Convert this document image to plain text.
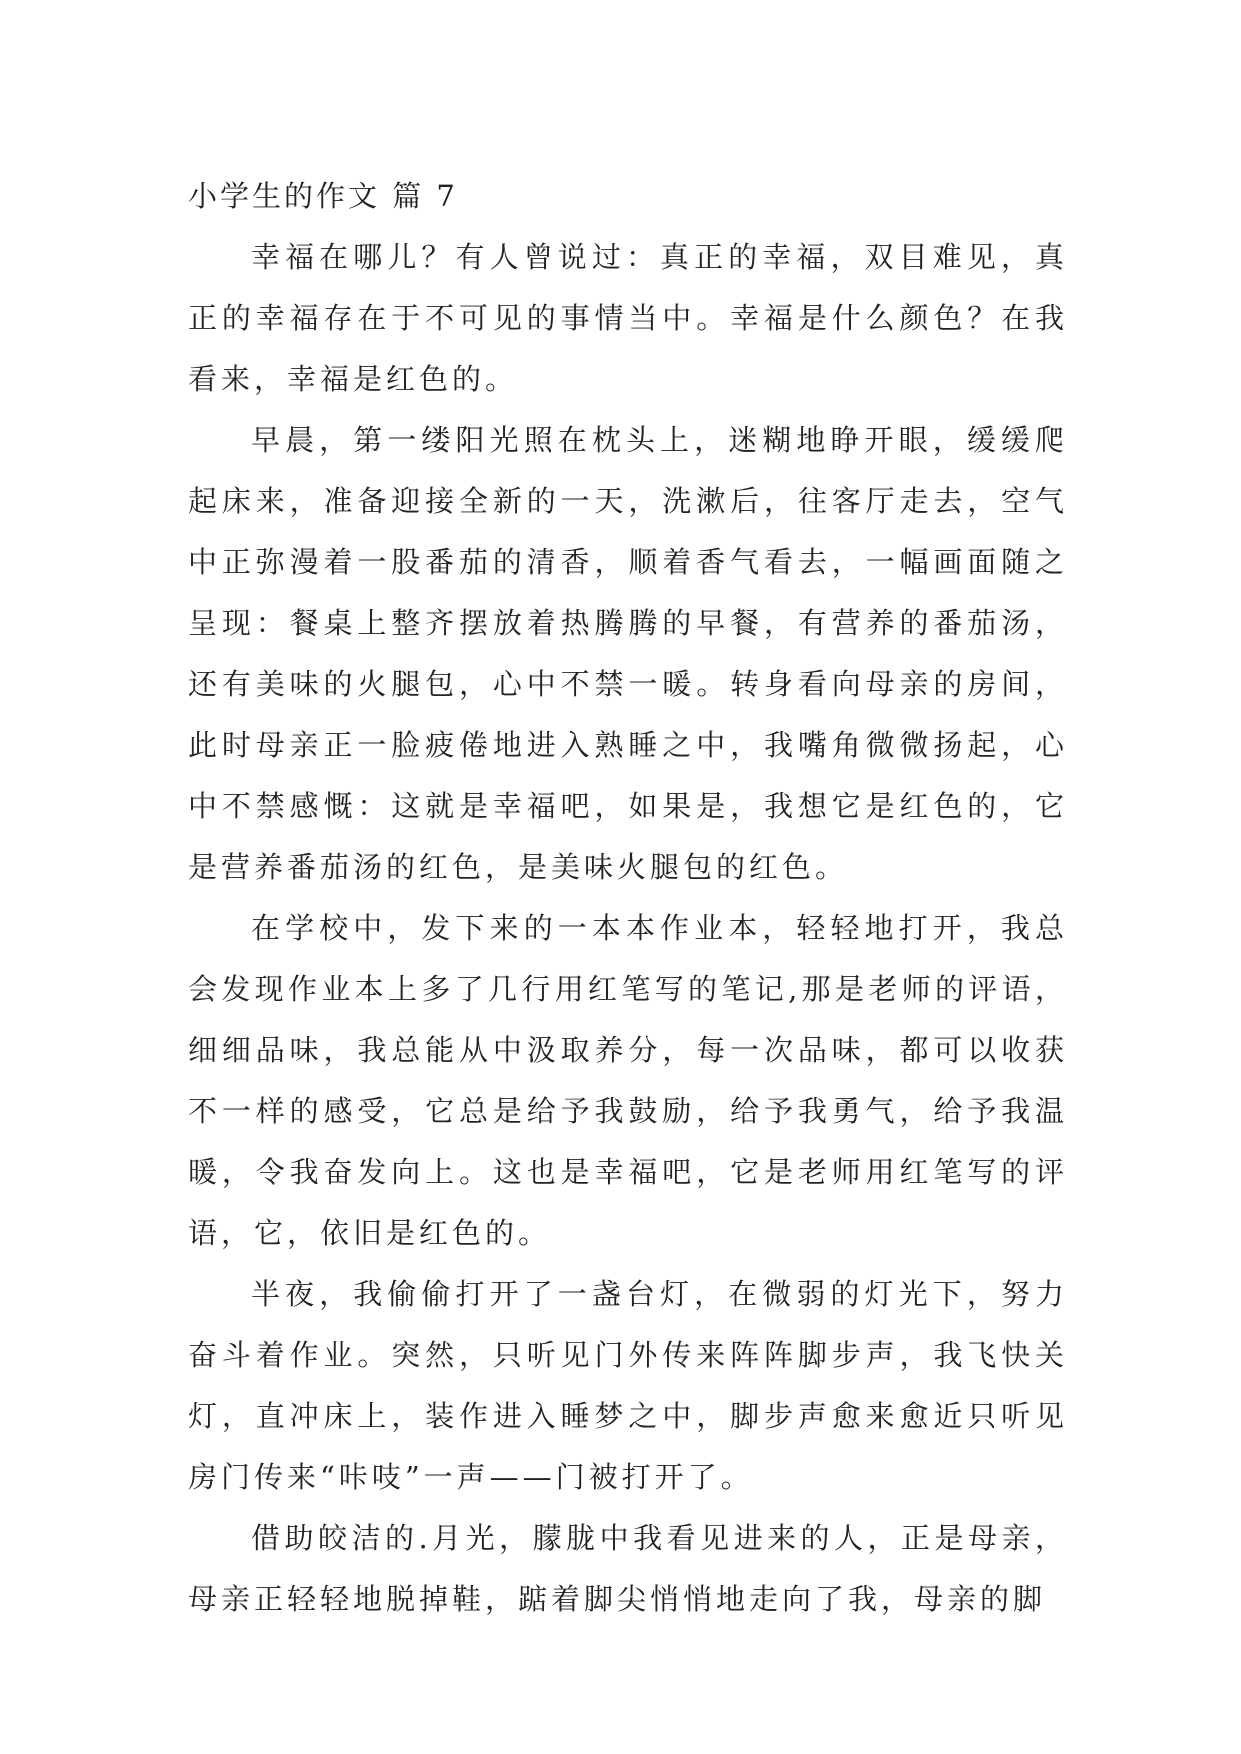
小学生的作文 篇 7

幸福在哪儿？有人曾说过：真正的幸福，双目难见，真正的幸福存在于不可见的事情当中。幸福是什么颜色？在我看来，幸福是红色的。

早晨，第一缕阳光照在枕头上，迷糊地睁开眼，缓缓爬起床来，准备迎接全新的一天，洗漱后，往客厅走去，空气中正弥漫着一股番茄的清香，顺着香气看去，一幅画面随之呈现：餐桌上整齐摆放着热腾腾的早餐，有营养的番茄汤，还有美味的火腿包，心中不禁一暖。转身看向母亲的房间，此时母亲正一脸疲倦地进入熟睡之中，我嘴角微微扬起，心中不禁感慨：这就是幸福吧，如果是，我想它是红色的，它是营养番茄汤的红色，是美味火腿包的红色。

在学校中，发下来的一本本作业本，轻轻地打开，我总会发现作业本上多了几行用红笔写的笔记,那是老师的评语，细细品味，我总能从中汲取养分，每一次品味，都可以收获不一样的感受，它总是给予我鼓励，给予我勇气，给予我温暖，令我奋发向上。这也是幸福吧，它是老师用红笔写的评语，它，依旧是红色的。

半夜，我偷偷打开了一盏台灯，在微弱的灯光下，努力奋斗着作业。突然，只听见门外传来阵阵脚步声，我飞快关灯，直冲床上，装作进入睡梦之中，脚步声愈来愈近只听见房门传来“咔吱”一声——门被打开了。

借助皎洁的.月光，朦胧中我看见进来的人，正是母亲，母亲正轻轻地脱掉鞋，踮着脚尖悄悄地走向了我，母亲的脚
